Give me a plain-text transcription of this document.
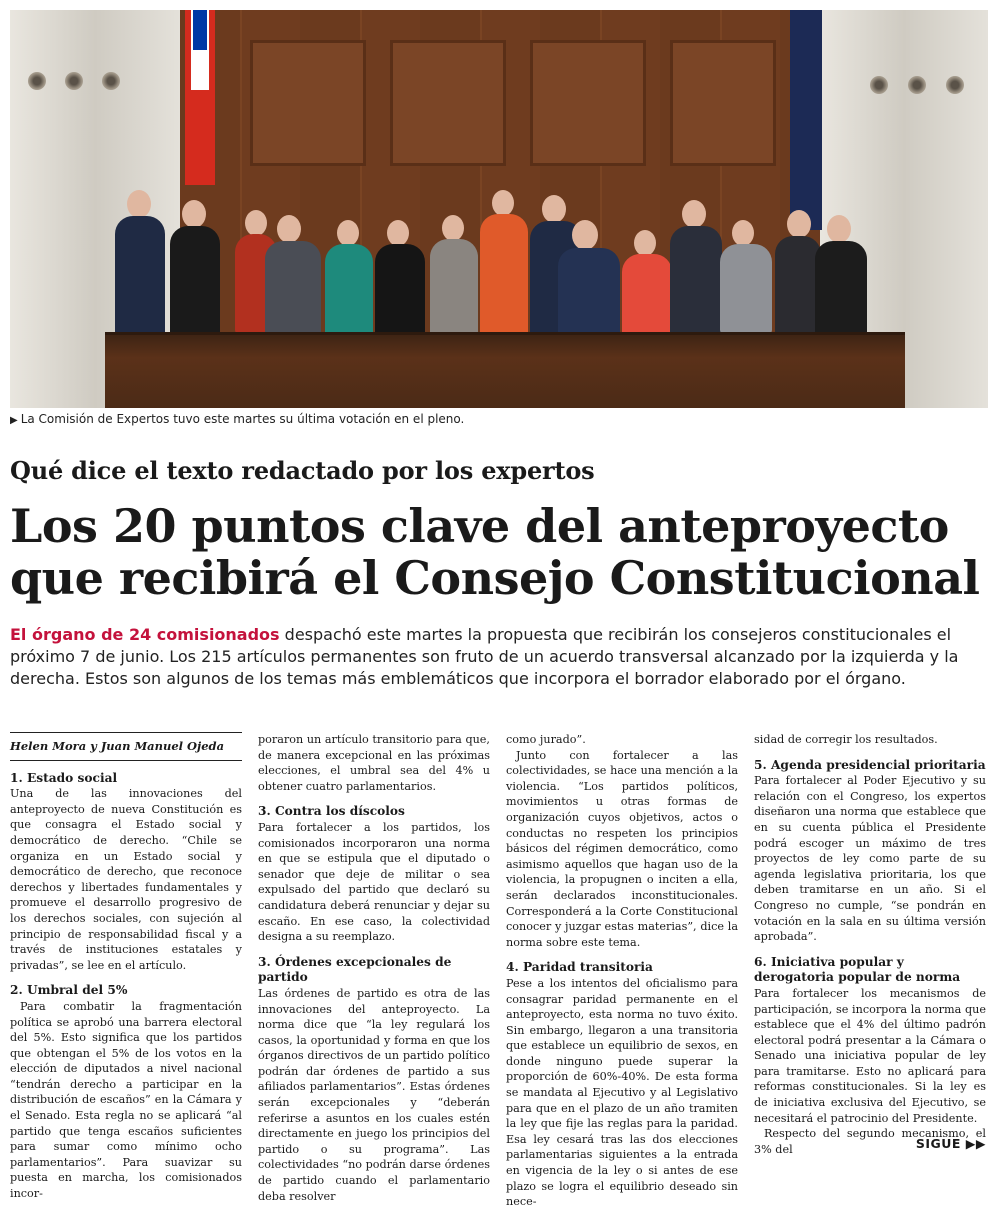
▶ La Comisión de Expertos tuvo este martes su última votación en el pleno.
Qué dice el texto redactado por los expertos
Los 20 puntos clave del anteproyecto
que recibirá el Consejo Constitucional
El órgano de 24 comisionados despachó este martes la propuesta que recibirán los consejeros constitucionales el próximo 7 de junio. Los 215 artículos permanentes son fruto de un acuerdo transversal alcanzado por la izquierda y la derecha. Estos son algunos de los temas más emblemáticos que incorpora el borrador elaborado por el órgano.
Helen Mora y Juan Manuel Ojeda
1. Estado social

Una de las innovaciones del anteproyecto de nueva Constitución es que consagra el Estado social y democrático de derecho. “Chile se organiza en un Estado social y democrático de derecho, que reconoce derechos y libertades fundamentales y promueve el desarrollo progresivo de los derechos sociales, con sujeción al principio de responsabilidad fiscal y a través de instituciones estatales y privadas”, se lee en el artículo.

2. Umbral del 5%

Para combatir la fragmentación política se aprobó una barrera electoral del 5%. Esto significa que los partidos que obtengan el 5% de los votos en la elección de diputados a nivel nacional “tendrán derecho a participar en la distribución de escaños” en la Cámara y el Senado. Esta regla no se aplicará “al partido que tenga escaños suficientes para sumar como mínimo ocho parlamentarios”. Para suavizar su puesta en marcha, los comisionados incor-

poraron un artículo transitorio para que, de manera excepcional en las próximas elecciones, el umbral sea del 4% u obtener cuatro parlamentarios.

3. Contra los díscolos

Para fortalecer a los partidos, los comisionados incorporaron una norma en que se estipula que el diputado o senador que deje de militar o sea expulsado del partido que declaró su candidatura deberá renunciar y dejar su escaño. En ese caso, la colectividad designa a su reemplazo.

3. Órdenes excepcionales de partido

Las órdenes de partido es otra de las innovaciones del anteproyecto. La norma dice que “la ley regulará los casos, la oportunidad y forma en que los órganos directivos de un partido político podrán dar órdenes de partido a sus afiliados parlamentarios”. Estas órdenes serán excepcionales y “deberán referirse a asuntos en los cuales estén directamente en juego los principios del partido o su programa”. Las colectividades “no podrán darse órdenes de partido cuando el parlamentario deba resolver

como jurado”.

Junto con fortalecer a las colectividades, se hace una mención a la violencia. “Los partidos políticos, movimientos u otras formas de organización cuyos objetivos, actos o conductas no respeten los principios básicos del régimen democrático, como asimismo aquellos que hagan uso de la violencia, la propugnen o inciten a ella, serán declarados inconstitucionales. Corresponderá a la Corte Constitucional conocer y juzgar estas materias”, dice la norma sobre este tema.

4. Paridad transitoria

Pese a los intentos del oficialismo para consagrar paridad permanente en el anteproyecto, esta norma no tuvo éxito. Sin embargo, llegaron a una transitoria que establece un equilibrio de sexos, en donde ninguno puede superar la proporción de 60%-40%. De esta forma se mandata al Ejecutivo y al Legislativo para que en el plazo de un año tramiten la ley que fije las reglas para la paridad. Esa ley cesará tras las dos elecciones parlamentarias siguientes a la entrada en vigencia de la ley o si antes de ese plazo se logra el equilibrio deseado sin nece-

sidad de corregir los resultados.

5. Agenda presidencial prioritaria

Para fortalecer al Poder Ejecutivo y su relación con el Congreso, los expertos diseñaron una norma que establece que en su cuenta pública el Presidente podrá escoger un máximo de tres proyectos de ley como parte de su agenda legislativa prioritaria, los que deben tramitarse en un año. Si el Congreso no cumple, “se pondrán en votación en la sala en su última versión aprobada”.

6. Iniciativa popular y derogatoria popular de norma

Para fortalecer los mecanismos de participación, se incorpora la norma que establece que el 4% del último padrón electoral podrá presentar a la Cámara o Senado una iniciativa popular de ley para tramitarse. Esto no aplicará para reformas constitucionales. Si la ley es de iniciativa exclusiva del Ejecutivo, se necesitará el patrocinio del Presidente.

Respecto del segundo mecanismo, el 3% del	SIGUE ▶▶
